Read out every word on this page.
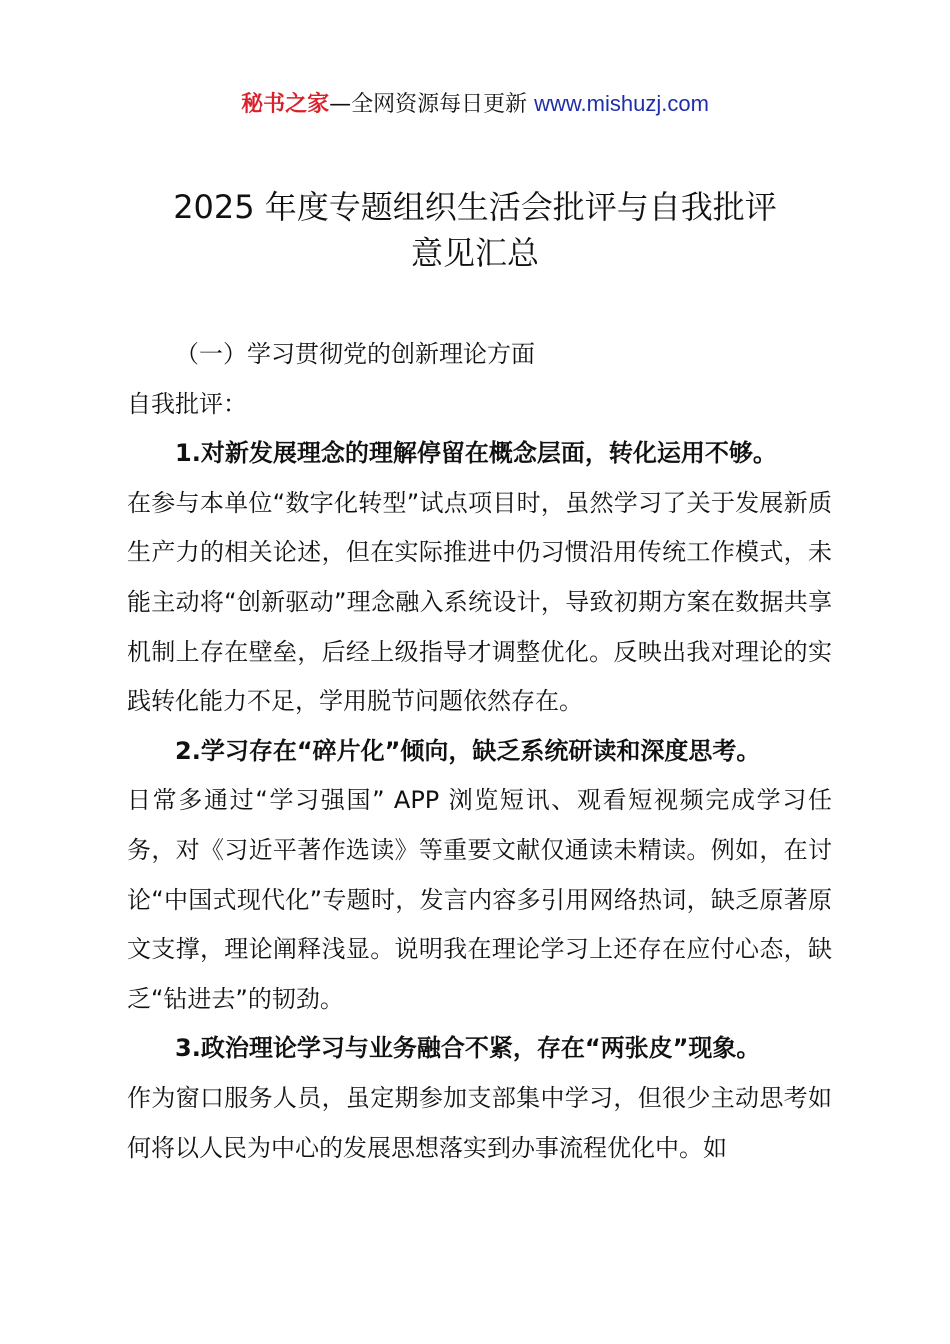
秘书之家—全网资源每日更新 www.mishuzj.com
2025 年度专题组织生活会批评与自我批评
意见汇总

（一）学习贯彻党的创新理论方面

自我批评：

1.对新发展理念的理解停留在概念层面，转化运用不够。
在参与本单位“数字化转型”试点项目时，虽然学习了关于发展新质生产力的相关论述，但在实际推进中仍习惯沿用传统工作模式，未能主动将“创新驱动”理念融入系统设计，导致初期方案在数据共享机制上存在壁垒，后经上级指导才调整优化。反映出我对理论的实践转化能力不足，学用脱节问题依然存在。

2.学习存在“碎片化”倾向，缺乏系统研读和深度思考。
日常多通过“学习强国” APP 浏览短讯、观看短视频完成学习任务，对《习近平著作选读》等重要文献仅通读未精读。例如，在讨论“中国式现代化”专题时，发言内容多引用网络热词，缺乏原著原文支撑，理论阐释浅显。说明我在理论学习上还存在应付心态，缺乏“钻进去”的韧劲。

3.政治理论学习与业务融合不紧，存在“两张皮”现象。
作为窗口服务人员，虽定期参加支部集中学习，但很少主动思考如何将以人民为中心的发展思想落实到办事流程优化中。如
